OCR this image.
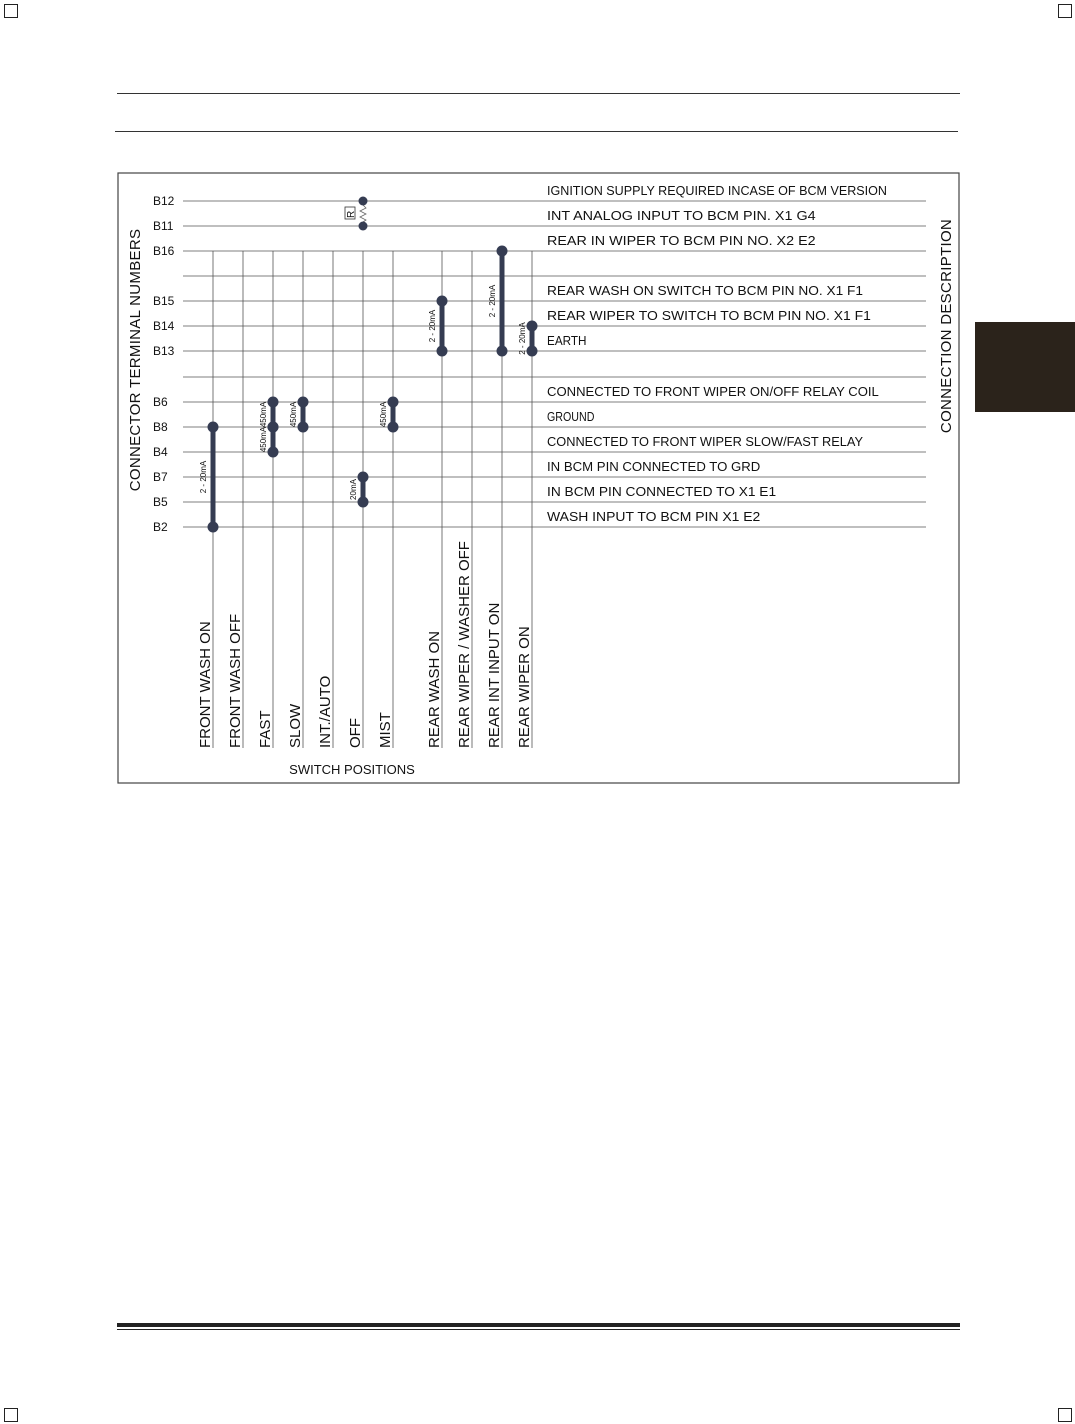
CONNECTOR TERMINAL NUMBERS	CONNECTION DESCRIPTION
SWITCH POSITIONS
B12
B11
B16
B15
B14
B13
B6
B8
B4
B7
B5
B2
IGNITION SUPPLY REQUIRED INCASE OF BCM VERSION
INT ANALOG INPUT TO BCM PIN. X1 G4
REAR IN WIPER TO BCM PIN NO. X2 E2
REAR WASH ON SWITCH TO BCM PIN NO. X1 F1
REAR WIPER TO SWITCH TO BCM PIN NO. X1 F1
EARTH
CONNECTED TO FRONT WIPER ON/OFF RELAY COIL
GROUND
CONNECTED TO FRONT WIPER SLOW/FAST RELAY
IN BCM PIN CONNECTED TO GRD
IN BCM PIN CONNECTED TO X1 E1
WASH INPUT TO BCM PIN X1 E2
FRONT WASH ON FRONT WASH OFF FAST SLOW INT./AUTO OFF MIST REAR WASH ON REAR WIPER / WASHER OFF REAR INT INPUT ON REAR WIPER ON
2 - 20mA
450mA
450mA
450mA
R
20mA
450mA
2 - 20mA
2 - 20mA
2 - 20mA
